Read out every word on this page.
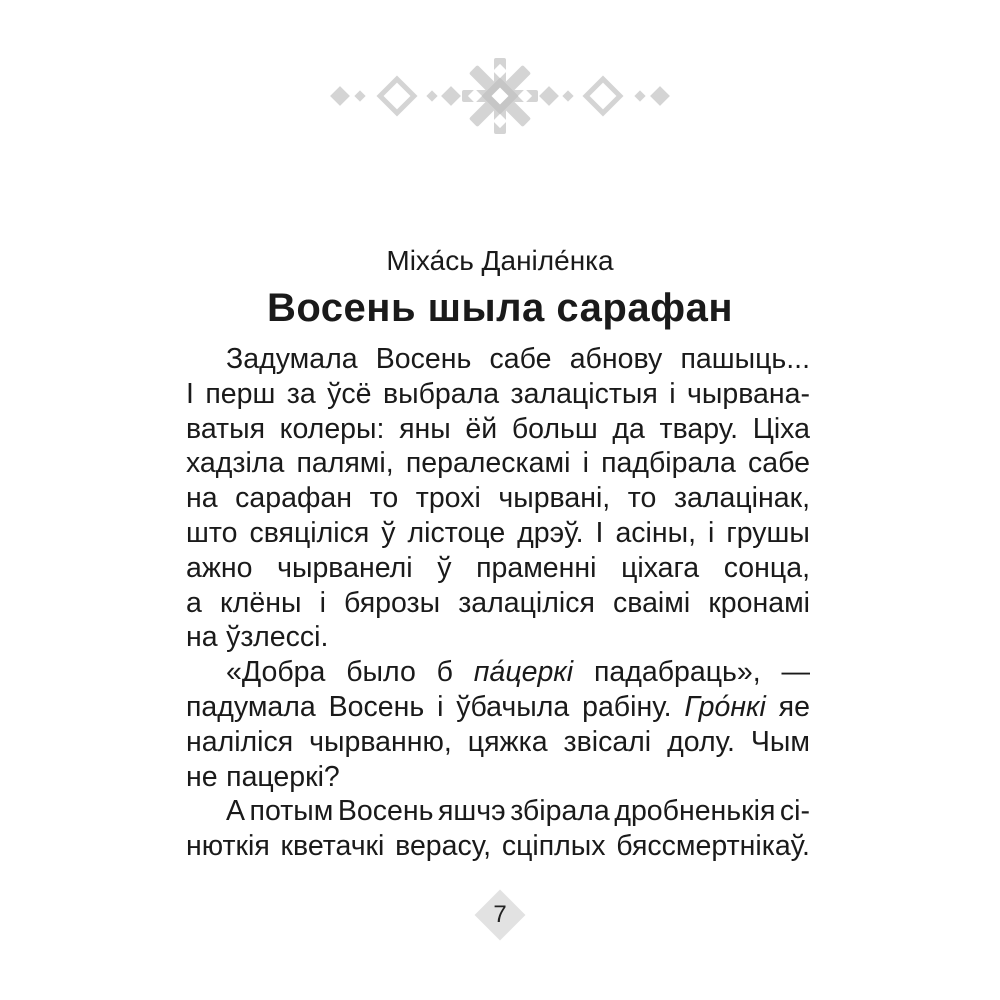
Міха́сь Даніле́нка
Восень шыла сарафан
Задумала Восень сабе абнову пашыць...
І перш за ўсё выбрала залацістыя і чырвана-
ватыя колеры: яны ёй больш да твару. Ціха
хадзіла палямі, пералескамі і падбірала сабе
на сарафан то трохі чырвані, то залацінак,
што свяціліся ў лістоце дрэў. І асіны, і грушы
ажно чырванелі ў праменні ціхага сонца,
а клёны і бярозы залаціліся сваімі кронамі
на ўзлессі.
«Добра было б па́церкі падабраць», —
падумала Восень і ўбачыла рабіну. Гро́нкі яе
наліліся чырванню, цяжка звісалі долу. Чым
не пацеркі?
А потым Восень яшчэ збірала дробненькія сі-
нюткія кветачкі верасу, сціплых бяссмертнікаў.
7
